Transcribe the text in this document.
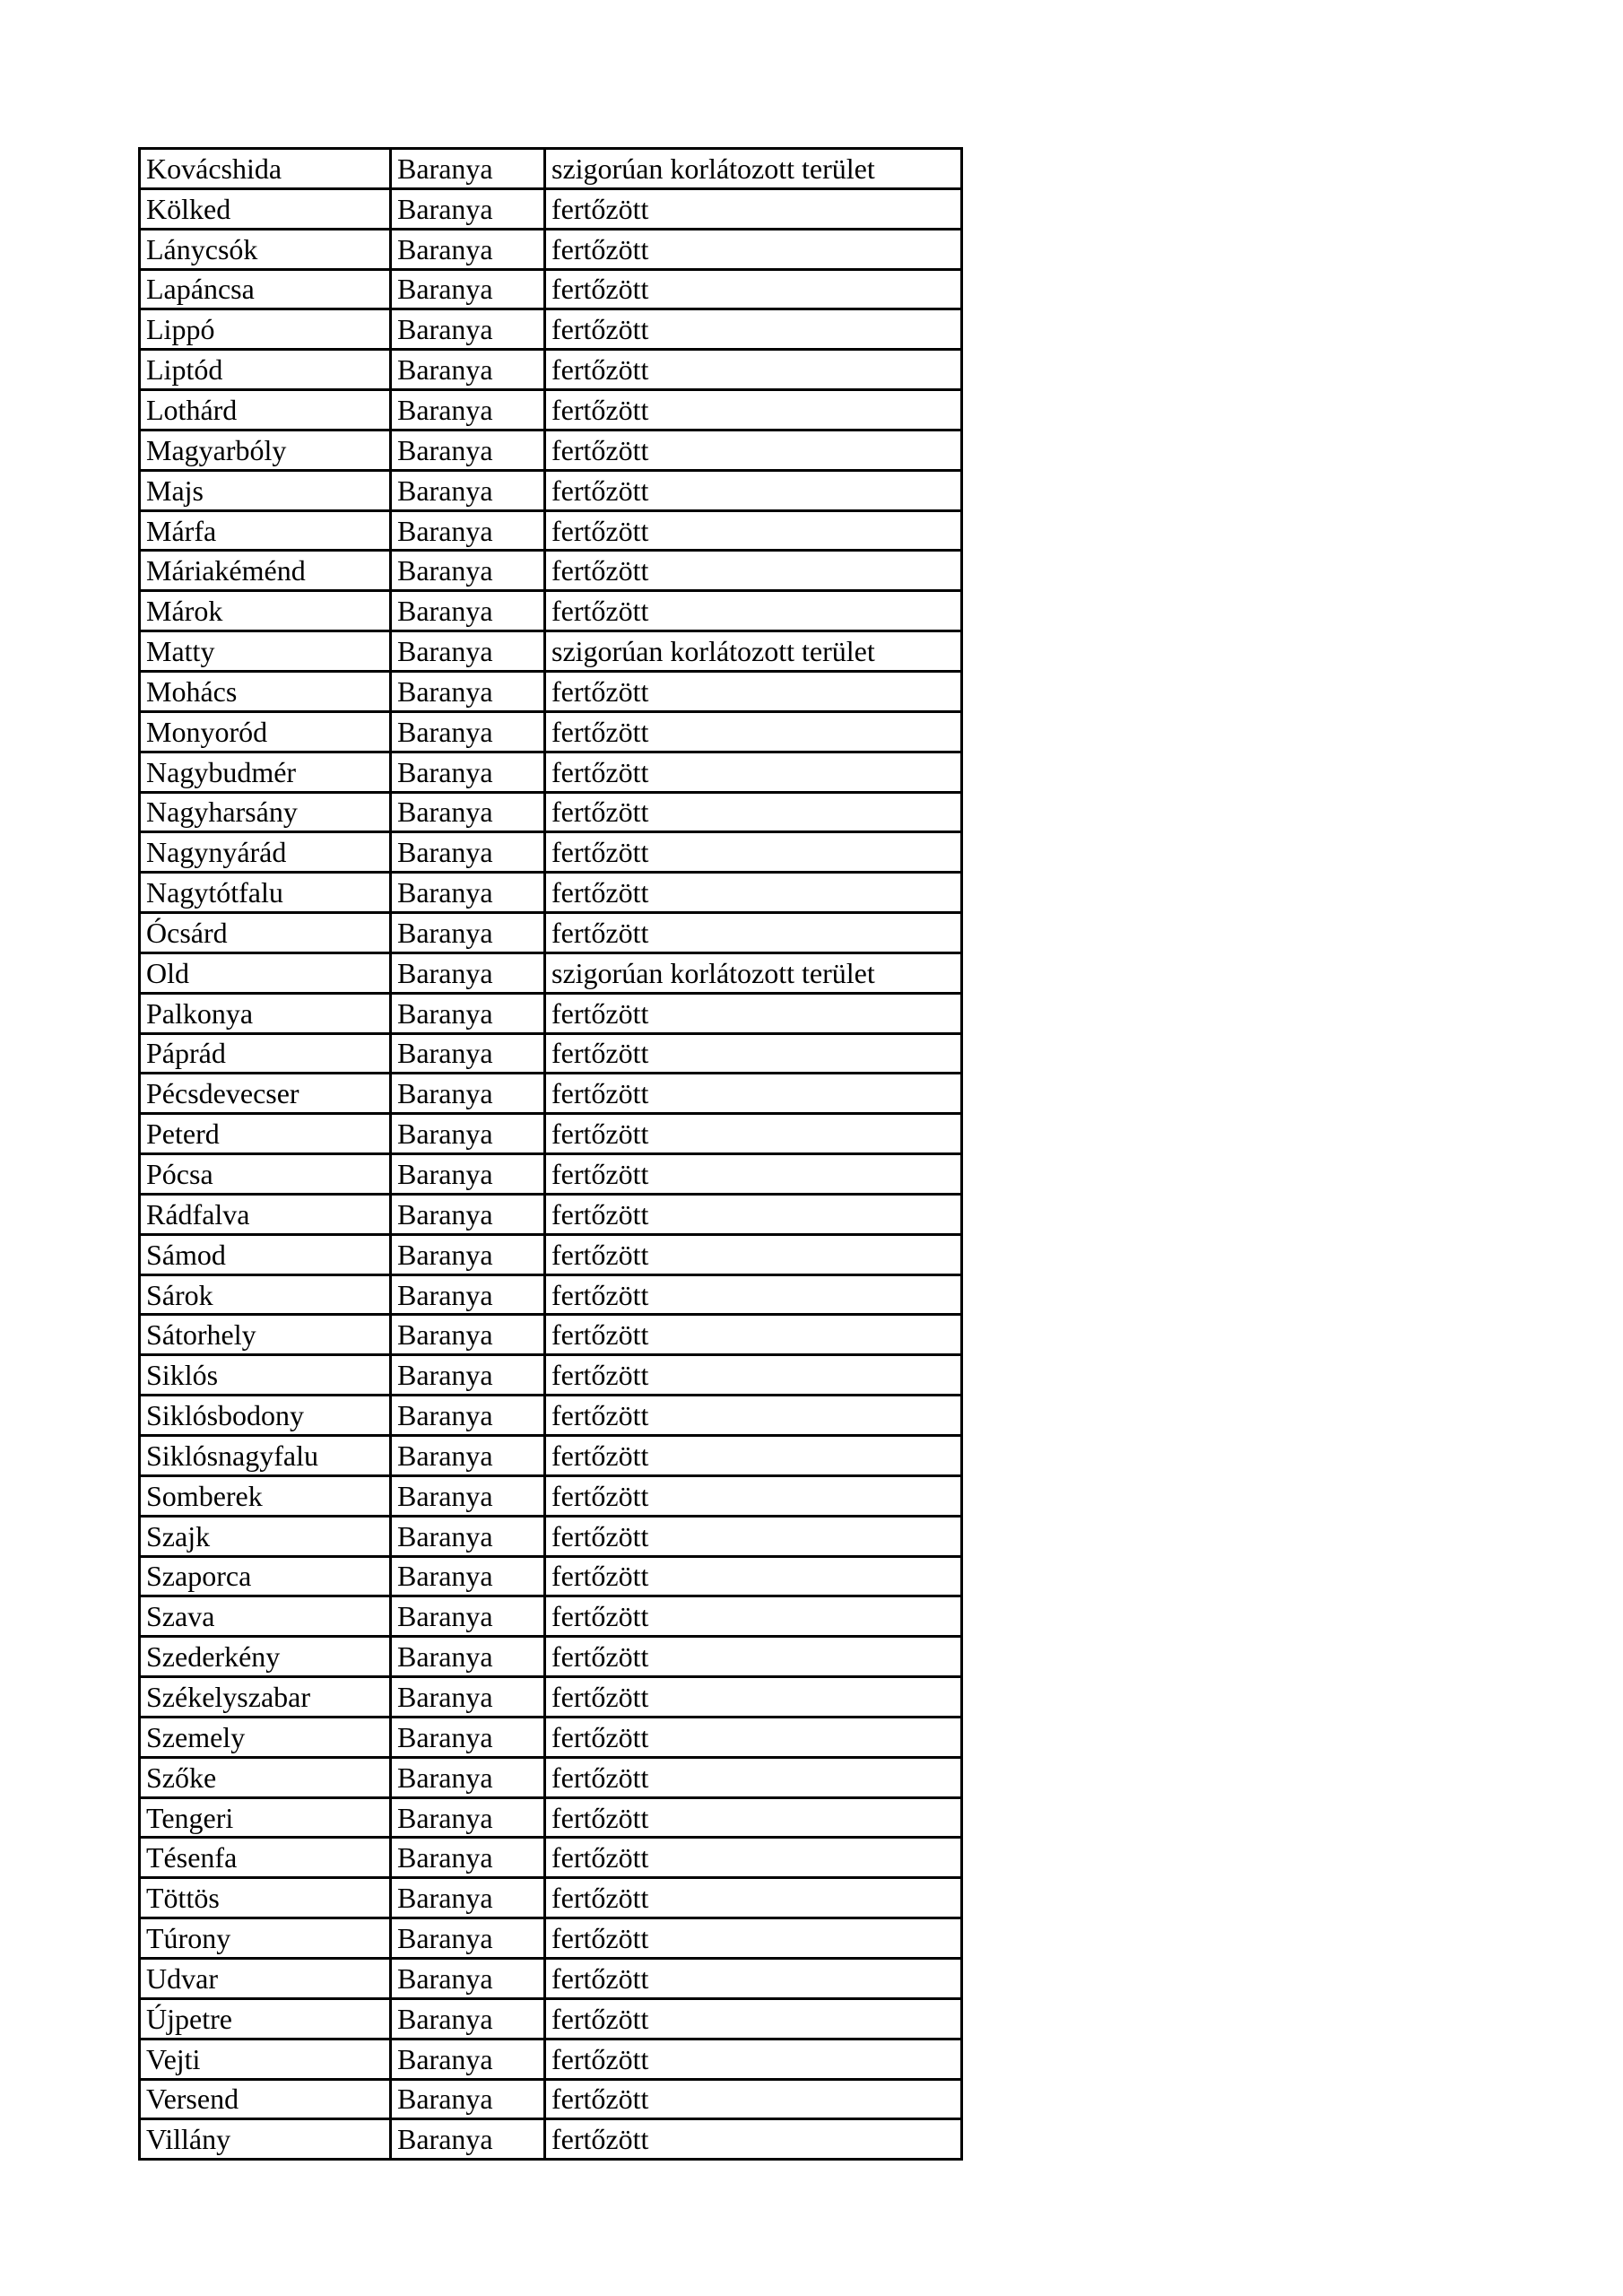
Kovácshida	Baranya	szigorúan korlátozott terület
Kölked	Baranya	fertőzött
Lánycsók	Baranya	fertőzött
Lapáncsa	Baranya	fertőzött
Lippó	Baranya	fertőzött
Liptód	Baranya	fertőzött
Lothárd	Baranya	fertőzött
Magyarbóly	Baranya	fertőzött
Majs	Baranya	fertőzött
Márfa	Baranya	fertőzött
Máriakéménd	Baranya	fertőzött
Márok	Baranya	fertőzött
Matty	Baranya	szigorúan korlátozott terület
Mohács	Baranya	fertőzött
Monyoród	Baranya	fertőzött
Nagybudmér	Baranya	fertőzött
Nagyharsány	Baranya	fertőzött
Nagynyárád	Baranya	fertőzött
Nagytótfalu	Baranya	fertőzött
Ócsárd	Baranya	fertőzött
Old	Baranya	szigorúan korlátozott terület
Palkonya	Baranya	fertőzött
Páprád	Baranya	fertőzött
Pécsdevecser	Baranya	fertőzött
Peterd	Baranya	fertőzött
Pócsa	Baranya	fertőzött
Rádfalva	Baranya	fertőzött
Sámod	Baranya	fertőzött
Sárok	Baranya	fertőzött
Sátorhely	Baranya	fertőzött
Siklós	Baranya	fertőzött
Siklósbodony	Baranya	fertőzött
Siklósnagyfalu	Baranya	fertőzött
Somberek	Baranya	fertőzött
Szajk	Baranya	fertőzött
Szaporca	Baranya	fertőzött
Szava	Baranya	fertőzött
Szederkény	Baranya	fertőzött
Székelyszabar	Baranya	fertőzött
Szemely	Baranya	fertőzött
Szőke	Baranya	fertőzött
Tengeri	Baranya	fertőzött
Tésenfa	Baranya	fertőzött
Töttös	Baranya	fertőzött
Túrony	Baranya	fertőzött
Udvar	Baranya	fertőzött
Újpetre	Baranya	fertőzött
Vejti	Baranya	fertőzött
Versend	Baranya	fertőzött
Villány	Baranya	fertőzött
